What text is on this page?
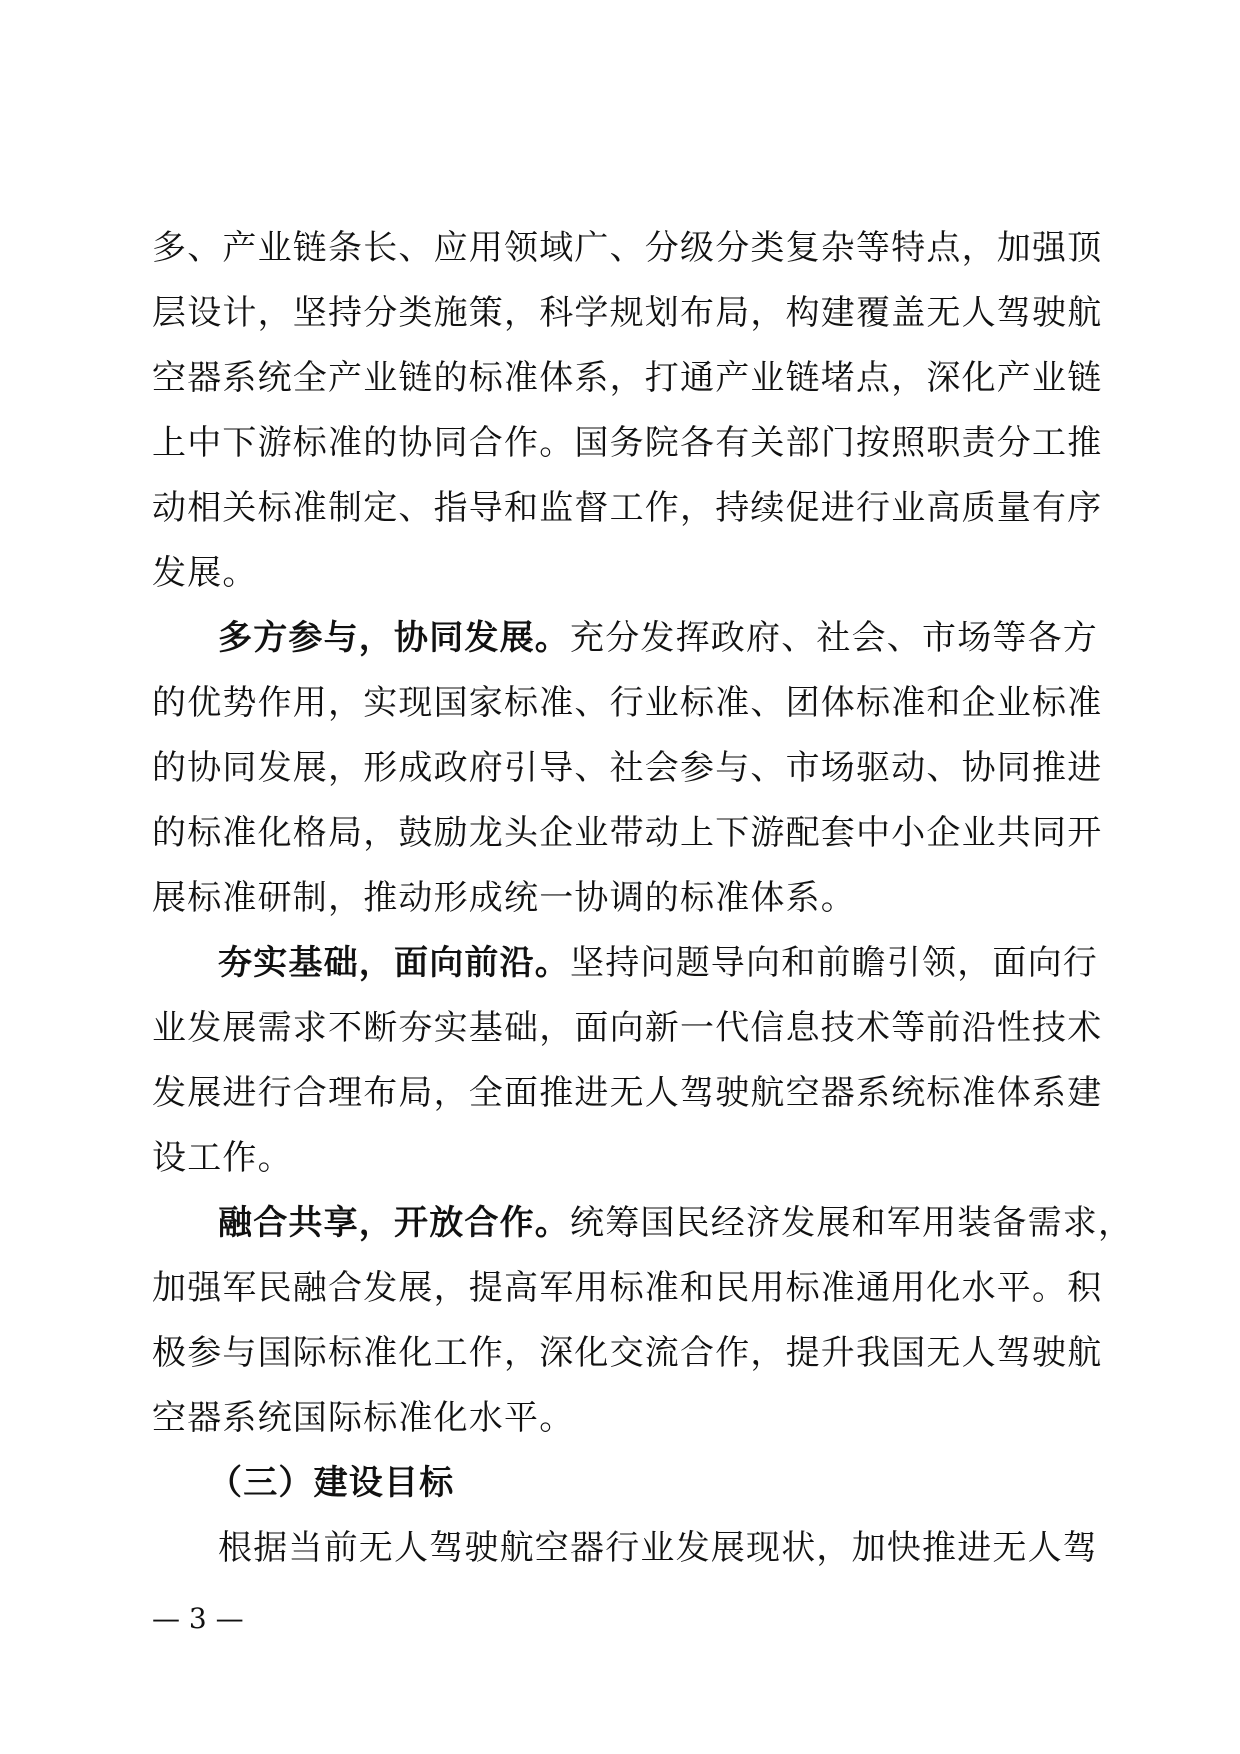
多、产业链条长、应用领域广、分级分类复杂等特点，加强顶
层设计，坚持分类施策，科学规划布局，构建覆盖无人驾驶航
空器系统全产业链的标准体系，打通产业链堵点，深化产业链
上中下游标准的协同合作。国务院各有关部门按照职责分工推
动相关标准制定、指导和监督工作，持续促进行业高质量有序
发展。
多方参与，协同发展。充分发挥政府、社会、市场等各方
的优势作用，实现国家标准、行业标准、团体标准和企业标准
的协同发展，形成政府引导、社会参与、市场驱动、协同推进
的标准化格局，鼓励龙头企业带动上下游配套中小企业共同开
展标准研制，推动形成统一协调的标准体系。
夯实基础，面向前沿。坚持问题导向和前瞻引领，面向行
业发展需求不断夯实基础，面向新一代信息技术等前沿性技术
发展进行合理布局，全面推进无人驾驶航空器系统标准体系建
设工作。
融合共享，开放合作。统筹国民经济发展和军用装备需求，
加强军民融合发展，提高军用标准和民用标准通用化水平。积
极参与国际标准化工作，深化交流合作，提升我国无人驾驶航
空器系统国际标准化水平。
（三）建设目标
根据当前无人驾驶航空器行业发展现状，加快推进无人驾
— 3 —
